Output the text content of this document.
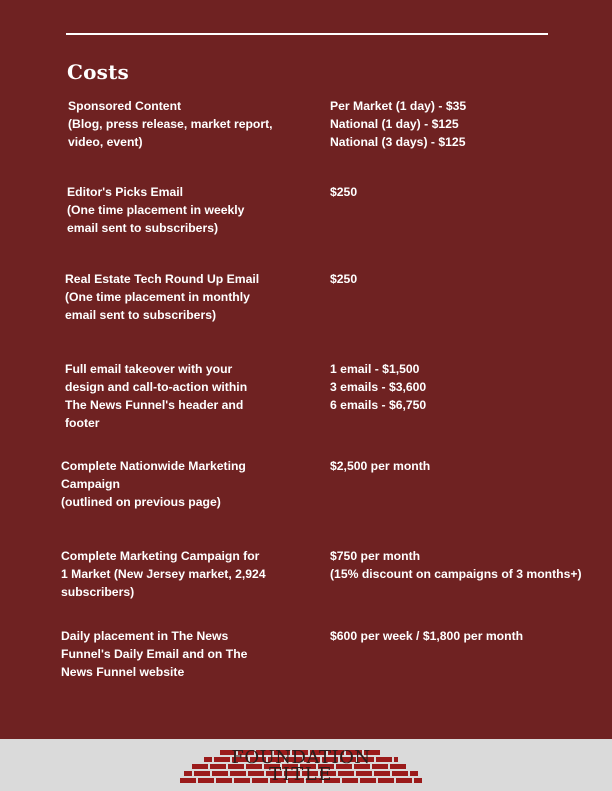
Costs
Sponsored Content
(Blog, press release, market report,
video, event)
Per Market (1 day) - $35
National (1 day) - $125
National (3 days) - $125
Editor's Picks Email
(One time placement in weekly
email sent to subscribers)
$250
Real Estate Tech Round Up Email
(One time placement in monthly
email sent to subscribers)
$250
Full email takeover with your
design and call-to-action within
The News Funnel's header and
footer
1 email - $1,500
3 emails - $3,600
6 emails - $6,750
Complete Nationwide Marketing
Campaign
(outlined on previous page)
$2,500 per month
Complete Marketing Campaign for
1 Market (New Jersey market, 2,924
subscribers)
$750 per month
(15% discount on campaigns of 3 months+)
Daily placement in The News
Funnel's Daily Email and on The
News Funnel website
$600 per week / $1,800 per month
FOUNDATION
TITLE
